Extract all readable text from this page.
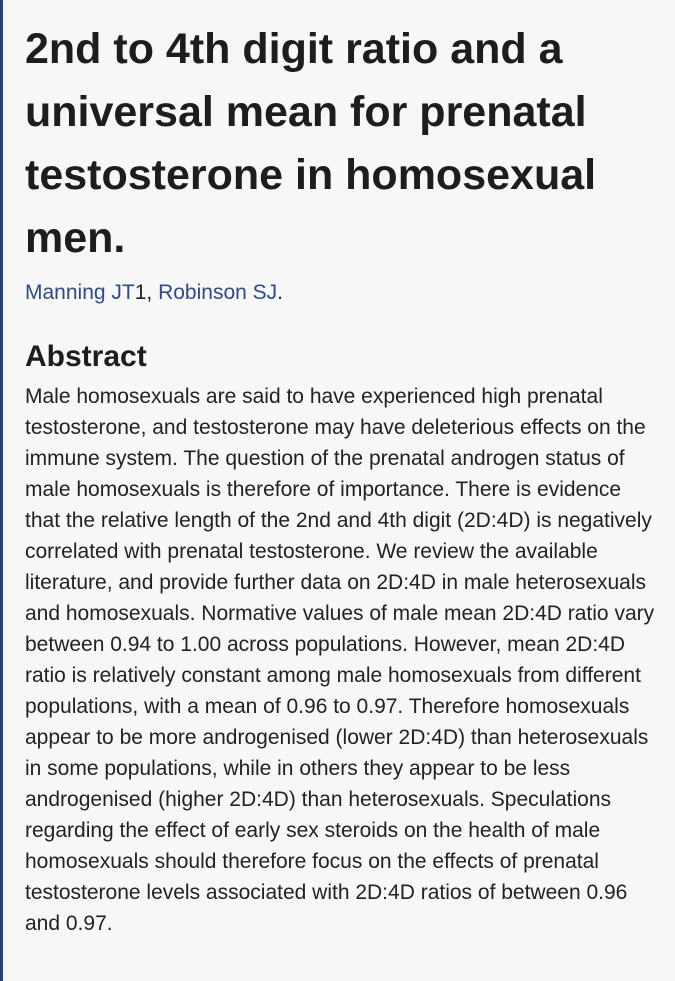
2nd to 4th digit ratio and a universal mean for prenatal testosterone in homosexual men.
Manning JT1, Robinson SJ.
Abstract
Male homosexuals are said to have experienced high prenatal testosterone, and testosterone may have deleterious effects on the immune system. The question of the prenatal androgen status of male homosexuals is therefore of importance. There is evidence that the relative length of the 2nd and 4th digit (2D:4D) is negatively correlated with prenatal testosterone. We review the available literature, and provide further data on 2D:4D in male heterosexuals and homosexuals. Normative values of male mean 2D:4D ratio vary between 0.94 to 1.00 across populations. However, mean 2D:4D ratio is relatively constant among male homosexuals from different populations, with a mean of 0.96 to 0.97. Therefore homosexuals appear to be more androgenised (lower 2D:4D) than heterosexuals in some populations, while in others they appear to be less androgenised (higher 2D:4D) than heterosexuals. Speculations regarding the effect of early sex steroids on the health of male homosexuals should therefore focus on the effects of prenatal testosterone levels associated with 2D:4D ratios of between 0.96 and 0.97.
